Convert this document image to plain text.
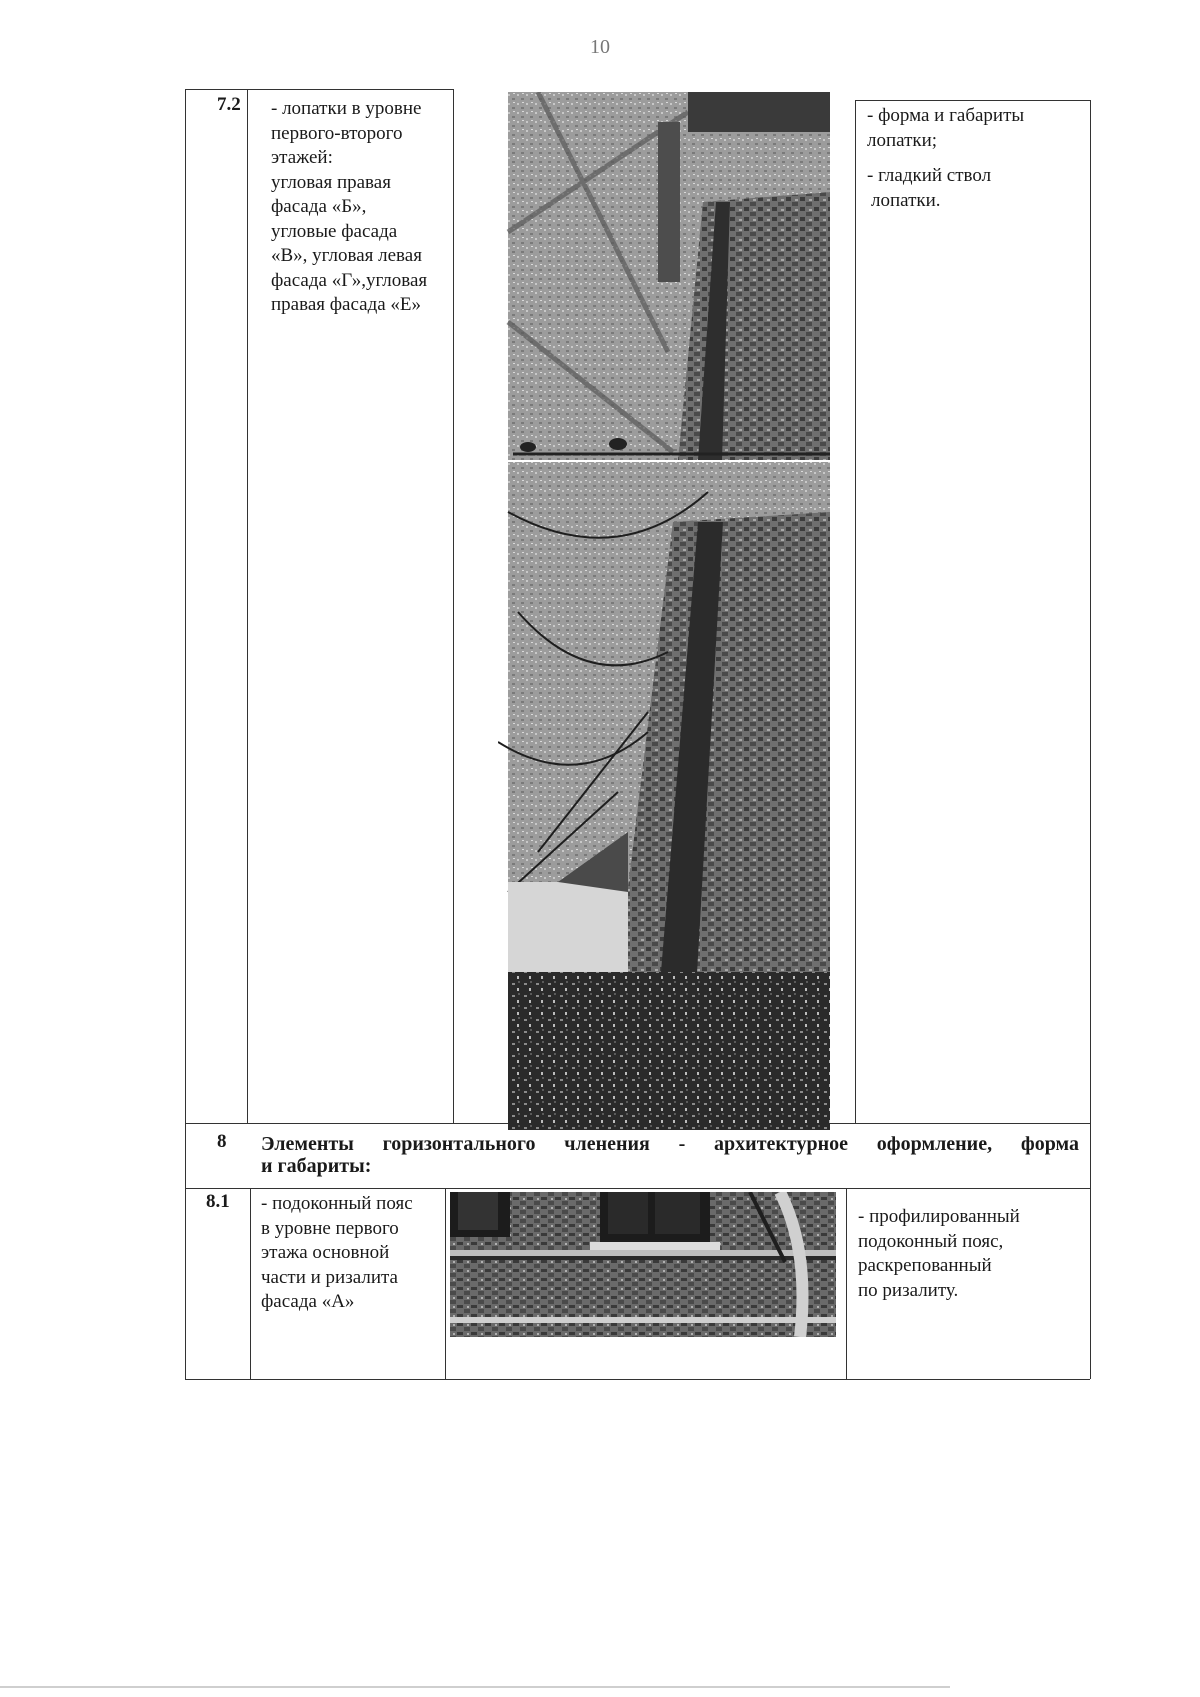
10
7.2 - лопатки в уровне
первого-второго
этажей:
угловая правая
фасада «Б»,
угловые фасада
«В», угловая левая
фасада «Г»,угловая
правая фасада «Е»
- форма и габариты
лопатки;
- гладкий ствол
лопатки.
8 Элементы горизонтального членения - архитектурное оформление, форма
и габариты:
8.1 - подоконный пояс
в уровне первого
этажа основной
части и ризалита
фасада «А»
- профилированный
подоконный пояс,
раскрепованный
по ризалиту.
